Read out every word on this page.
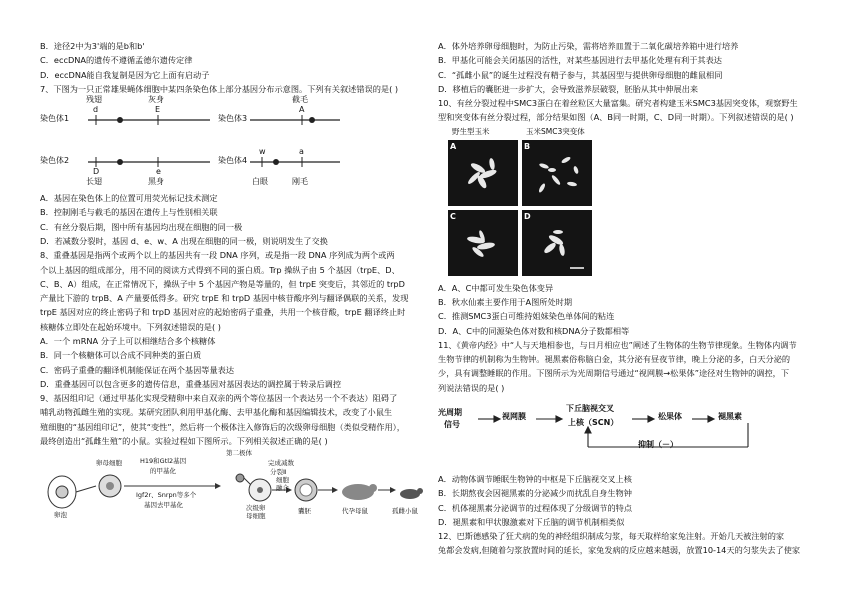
B．途径2中为3'端的是b和b'
C．eccDNA的遗传不遵循孟德尔遗传定律
D．eccDNA能自我复制是因为它上面有启动子
7、下图为一只正常雄果蝇体细胞中某四条染色体上部分基因分布示意图。下列有关叙述错误的是( )
染色体1
染色体2
染色体3
染色体4
残翅
d
灰身
E
D
长翅
e
黑身
截毛
A
w
白眼
a
刚毛
A．基因在染色体上的位置可用荧光标记技术测定
B．控制刚毛与截毛的基因在遗传上与性别相关联
C．有丝分裂后期，图中所有基因均出现在细胞的同一极
D．若减数分裂时，基因 d、e、w、A 出现在细胞的同一极，则说明发生了交换
8、重叠基因是指两个或两个以上的基因共有一段 DNA 序列，或是指一段 DNA 序列成为两个或两
个以上基因的组成部分，用不同的阅读方式得到不同的蛋白质。Trp 操纵子由 5 个基因（trpE、D、
C、B、A）组成，在正常情况下，操纵子中 5 个基因产物是等量的，但 trpE 突变后，其邻近的 trpD
产量比下游的 trpB、A 产量要低得多。研究 trpE 和 trpD 基因中核苷酸序列与翻译偶联的关系，发现
trpE 基因对应的终止密码子和 trpD 基因对应的起始密码子重叠，共用一个核苷酸，trpE 翻译终止时
核糖体立即处在起始环境中。下列叙述错误的是( )
A．一个 mRNA 分子上可以相继结合多个核糖体
B．同一个核糖体可以合成不同种类的蛋白质
C．密码子重叠的翻译机制能保证在两个基因等量表达
D．重叠基因可以包含更多的遗传信息，重叠基因对基因表达的调控属于转录后调控
9、基因组印记（通过甲基化实现受精卵中来自双亲的两个等位基因一个表达另一个不表达）阻碍了
哺乳动物孤雌生殖的实现。某研究团队利用甲基化酶、去甲基化酶和基因编辑技术，改变了小鼠生
殖细胞的“基因组印记”，使其“变性”，然后将一个极体注入修饰后的次级卵母细胞（类似受精作用），
最终创造出“孤雌生殖”的小鼠。实验过程如下图所示。下列相关叙述正确的是( )
卵母细胞
卵泡
H19和Gtl2基因
的甲基化
Igf2r、Snrpn等多个
基因去甲基化
第二极体
完成减数
分裂Ⅱ
次级卵
母细胞
细胞
融合
囊胚	代孕母鼠	孤雌小鼠
A．体外培养卵母细胞时，为防止污染，需将培养皿置于二氧化碳培养箱中进行培养
B．甲基化可能会关闭基因的活性，对某些基因进行去甲基化处理有利于其表达
C．“孤雌小鼠”的诞生过程没有精子参与，其基因型与提供卵母细胞的雌鼠相同
D．移植后的囊胚进一步扩大，会导致滋养层破裂，胚胎从其中伸展出来
10、有丝分裂过程中SMC3蛋白在着丝粒区大量富集。研究者构建玉米SMC3基因突变体，观察野生
型和突变体有丝分裂过程，部分结果如图（A、B同一时期，C、D同一时期）。下列叙述错误的是( )
野生型玉米	玉米SMC3突变体
A	B
C	D
A．A、C中都可发生染色体变异
B．秋水仙素主要作用于A图所处时期
C．推测SMC3蛋白可维持姐妹染色单体间的粘连
D．A、C中的同源染色体对数和核DNA分子数都相等
11、《黄帝内经》中“人与天地相参也，与日月相应也”阐述了生物体的生物节律现象。生物体内调节
生物节律的机制称为生物钟。褪黑素俗称脑白金，其分泌有昼夜节律，晚上分泌的多，白天分泌的
少，具有调整睡眠的作用。下图所示为光周期信号通过“视网膜→松果体”途径对生物钟的调控，下
列说法错误的是( )
光周期
信号
视网膜
下丘脑视交叉
上核（SCN）
松果体	褪黑素
抑制（－）
A．动物体调节睡眠生物钟的中枢是下丘脑视交叉上核
B．长期熬夜会因褪黑素的分泌减少而扰乱自身生物钟
C．机体褪黑素分泌调节的过程体现了分级调节的特点
D．褪黑素和甲状腺激素对下丘脑的调节机制相类似
12、巴斯德感染了狂犬病的兔的神经组织制成匀浆，每天取样给家兔注射。开始几天被注射的家
兔都会发病,但随着匀浆放置时间的延长，家兔发病的反应越来越弱，放置10-14天的匀浆失去了使家
